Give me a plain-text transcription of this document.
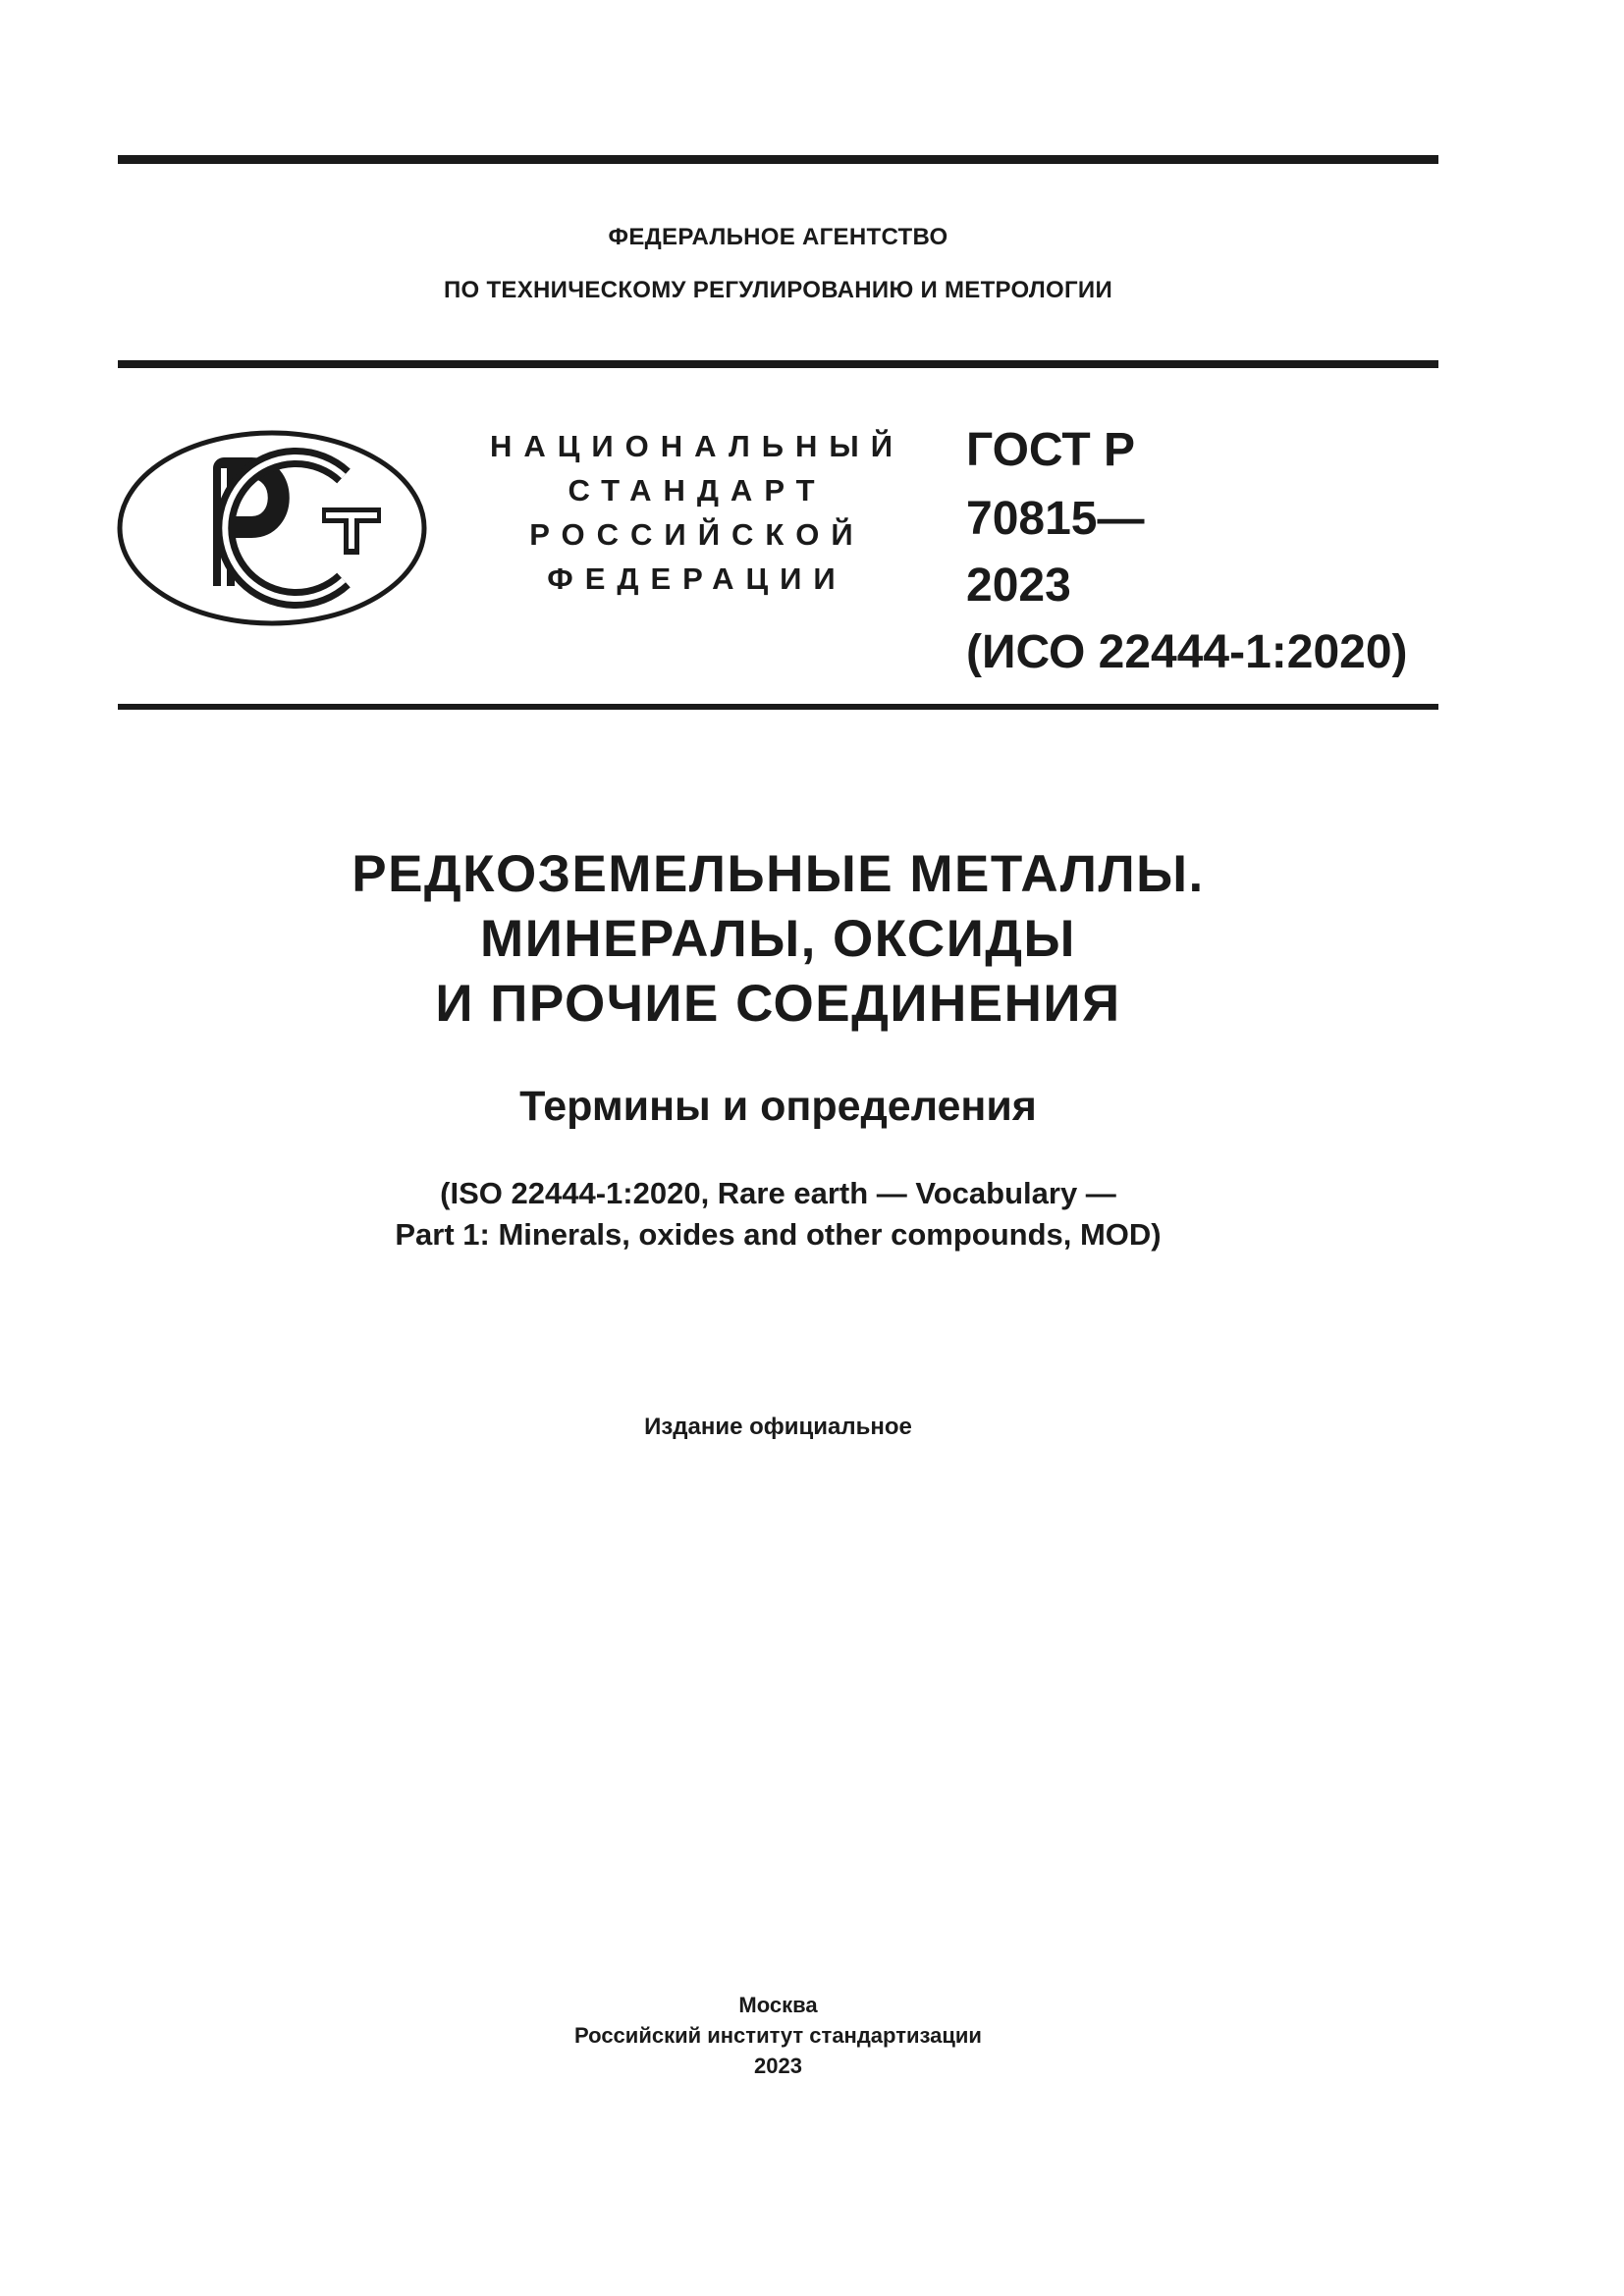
ФЕДЕРАЛЬНОЕ АГЕНТСТВО
ПО ТЕХНИЧЕСКОМУ РЕГУЛИРОВАНИЮ И МЕТРОЛОГИИ
НАЦИОНАЛЬНЫЙ
СТАНДАРТ
РОССИЙСКОЙ
ФЕДЕРАЦИИ
ГОСТ Р
70815—
2023
(ИСО 22444-1:2020)
РЕДКОЗЕМЕЛЬНЫЕ МЕТАЛЛЫ.
МИНЕРАЛЫ, ОКСИДЫ
И ПРОЧИЕ СОЕДИНЕНИЯ
Термины и определения
(ISO 22444-1:2020, Rare earth — Vocabulary —
Part 1: Minerals, oxides and other compounds, MOD)
Издание официальное
Москва
Российский институт стандартизации
2023
